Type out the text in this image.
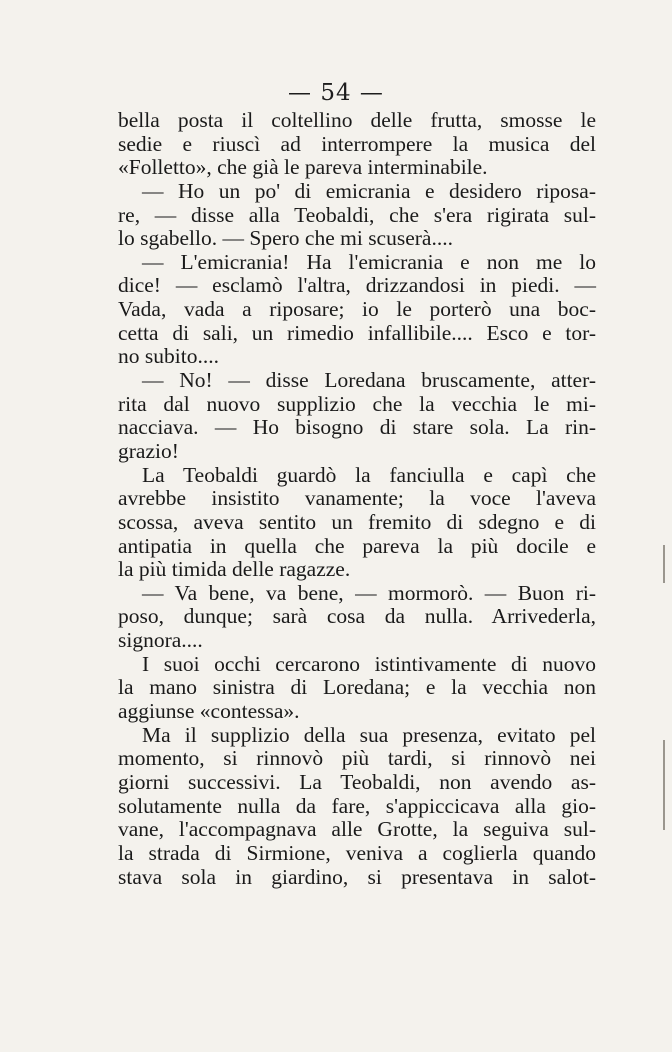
— 54 —
bella posta il coltellino delle frutta, smosse le
sedie e riuscì ad interrompere la musica del
«Folletto», che già le pareva interminabile.
— Ho un po' di emicrania e desidero riposa-
re, — disse alla Teobaldi, che s'era rigirata sul-
lo sgabello. — Spero che mi scuserà....
— L'emicrania! Ha l'emicrania e non me lo
dice! — esclamò l'altra, drizzandosi in piedi. —
Vada, vada a riposare; io le porterò una boc-
cetta di sali, un rimedio infallibile.... Esco e tor-
no subito....
— No! — disse Loredana bruscamente, atter-
rita dal nuovo supplizio che la vecchia le mi-
nacciava. — Ho bisogno di stare sola. La rin-
grazio!
La Teobaldi guardò la fanciulla e capì che
avrebbe insistito vanamente; la voce l'aveva
scossa, aveva sentito un fremito di sdegno e di
antipatia in quella che pareva la più docile e
la più timida delle ragazze.
— Va bene, va bene, — mormorò. — Buon ri-
poso, dunque; sarà cosa da nulla. Arrivederla,
signora....
I suoi occhi cercarono istintivamente di nuovo
la mano sinistra di Loredana; e la vecchia non
aggiunse «contessa».
Ma il supplizio della sua presenza, evitato pel
momento, si rinnovò più tardi, si rinnovò nei
giorni successivi. La Teobaldi, non avendo as-
solutamente nulla da fare, s'appiccicava alla gio-
vane, l'accompagnava alle Grotte, la seguiva sul-
la strada di Sirmione, veniva a coglierla quando
stava sola in giardino, si presentava in salot-
